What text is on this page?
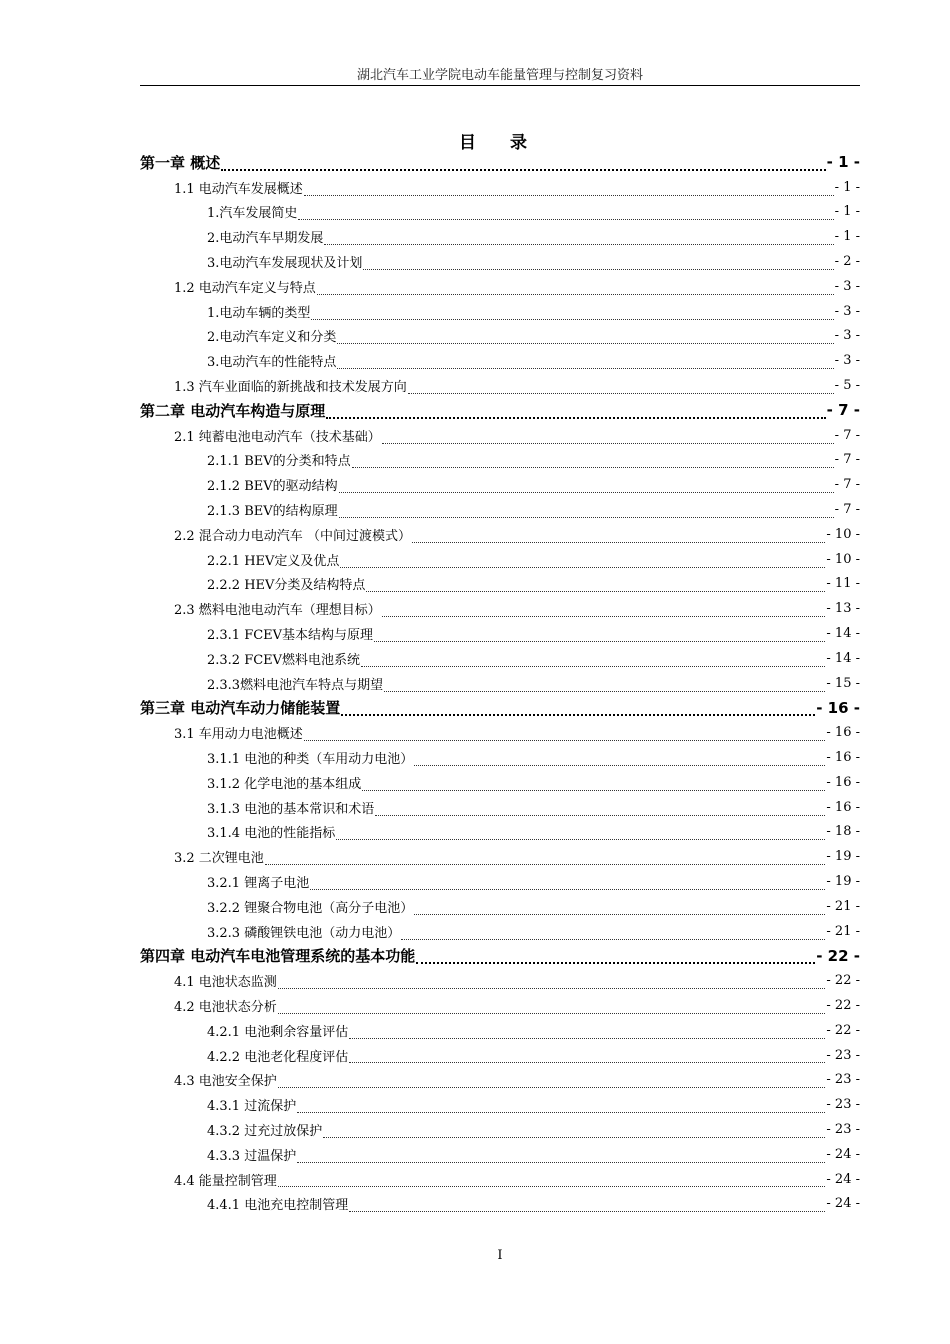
湖北汽车工业学院电动车能量管理与控制复习资料
目 录
第一章 概述	- 1 -
1.1 电动汽车发展概述	- 1 -
1.汽车发展简史	- 1 -
2.电动汽车早期发展	- 1 -
3.电动汽车发展现状及计划	- 2 -
1.2 电动汽车定义与特点	- 3 -
1.电动车辆的类型	- 3 -
2.电动汽车定义和分类	- 3 -
3.电动汽车的性能特点	- 3 -
1.3 汽车业面临的新挑战和技术发展方向	- 5 -
第二章 电动汽车构造与原理	- 7 -
2.1 纯蓄电池电动汽车（技术基础）	- 7 -
2.1.1 BEV的分类和特点	- 7 -
2.1.2 BEV的驱动结构	- 7 -
2.1.3 BEV的结构原理	- 7 -
2.2 混合动力电动汽车 （中间过渡模式）	- 10 -
2.2.1 HEV定义及优点	- 10 -
2.2.2 HEV分类及结构特点	- 11 -
2.3 燃料电池电动汽车（理想目标）	- 13 -
2.3.1 FCEV基本结构与原理	- 14 -
2.3.2 FCEV燃料电池系统	- 14 -
2.3.3燃料电池汽车特点与期望	- 15 -
第三章 电动汽车动力储能装置	- 16 -
3.1 车用动力电池概述	- 16 -
3.1.1 电池的种类（车用动力电池）	- 16 -
3.1.2 化学电池的基本组成	- 16 -
3.1.3 电池的基本常识和术语	- 16 -
3.1.4 电池的性能指标	- 18 -
3.2 二次锂电池	- 19 -
3.2.1 锂离子电池	- 19 -
3.2.2 锂聚合物电池（高分子电池）	- 21 -
3.2.3 磷酸锂铁电池（动力电池）	- 21 -
第四章 电动汽车电池管理系统的基本功能	- 22 -
4.1 电池状态监测	- 22 -
4.2 电池状态分析	- 22 -
4.2.1 电池剩余容量评估	- 22 -
4.2.2 电池老化程度评估	- 23 -
4.3 电池安全保护	- 23 -
4.3.1 过流保护	- 23 -
4.3.2 过充过放保护	- 23 -
4.3.3 过温保护	- 24 -
4.4 能量控制管理	- 24 -
4.4.1 电池充电控制管理	- 24 -
I
